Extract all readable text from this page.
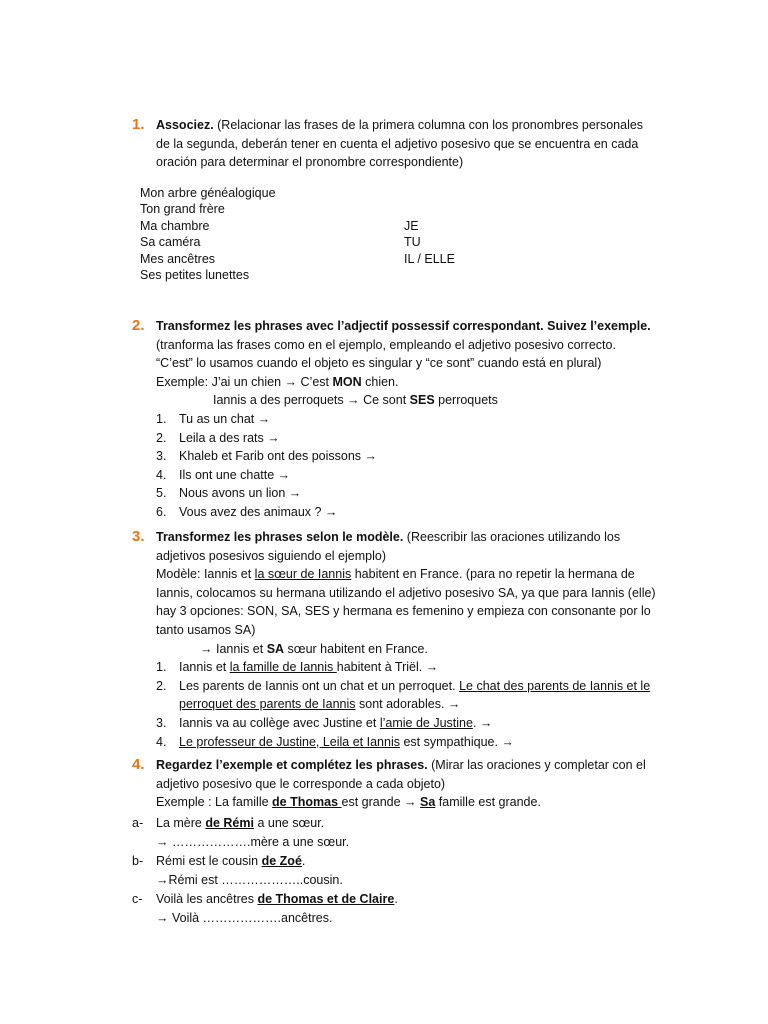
1. Associez. (Relacionar las frases de la primera columna con los pronombres personales de la segunda, deberán tener en cuenta el adjetivo posesivo que se encuentra en cada oración para determinar el pronombre correspondiente)
Mon arbre généalogique
Ton grand frère
Ma chambre	JE
Sa caméra	TU
Mes ancêtres	IL / ELLE
Ses petites lunettes
2. Transformez les phrases avec l’adjectif possessif correspondant. Suivez l’exemple.
(tranforma las frases como en el ejemplo, empleando el adjetivo posesivo correcto. “C’est” lo usamos cuando el objeto es singular y “ce sont” cuando está en plural)
Exemple: J’ai un chien → C’est MON chien.
Iannis a des perroquets → Ce sont SES perroquets
1. Tu as un chat →
2. Leila a des rats →
3. Khaleb et Farib ont des poissons →
4. Ils ont une chatte →
5. Nous avons un lion →
6. Vous avez des animaux ? →
3. Transformez les phrases selon le modèle. (Reescribir las oraciones utilizando los adjetivos posesivos siguiendo el ejemplo)
Modèle: Iannis et la sœur de Iannis habitent en France. (para no repetir la hermana de Iannis, colocamos su hermana utilizando el adjetivo posesivo SA, ya que para Iannis (elle) hay 3 opciones: SON, SA, SES y hermana es femenino y empieza con consonante por lo tanto usamos SA)
→ Iannis et SA sœur habitent en France.
1. Iannis et la famille de Iannis habitent à Triël. →
2. Les parents de Iannis ont un chat et un perroquet. Le chat des parents de Iannis et le perroquet des parents de Iannis sont adorables. →
3. Iannis va au collège avec Justine et l’amie de Justine. →
4. Le professeur de Justine, Leila et Iannis est sympathique. →
4. Regardez l’exemple et complétez les phrases. (Mirar las oraciones y completar con el adjetivo posesivo que le corresponde a cada objeto)
Exemple : La famille de Thomas est grande → Sa famille est grande.
a- La mère de Rémi a une sœur.
→ ……………….mère a une sœur.
b- Rémi est le cousin de Zoé.
→Rémi est ………………..cousin.
c- Voilà les ancêtres de Thomas et de Claire.
→ Voilà ……………….ancêtres.
